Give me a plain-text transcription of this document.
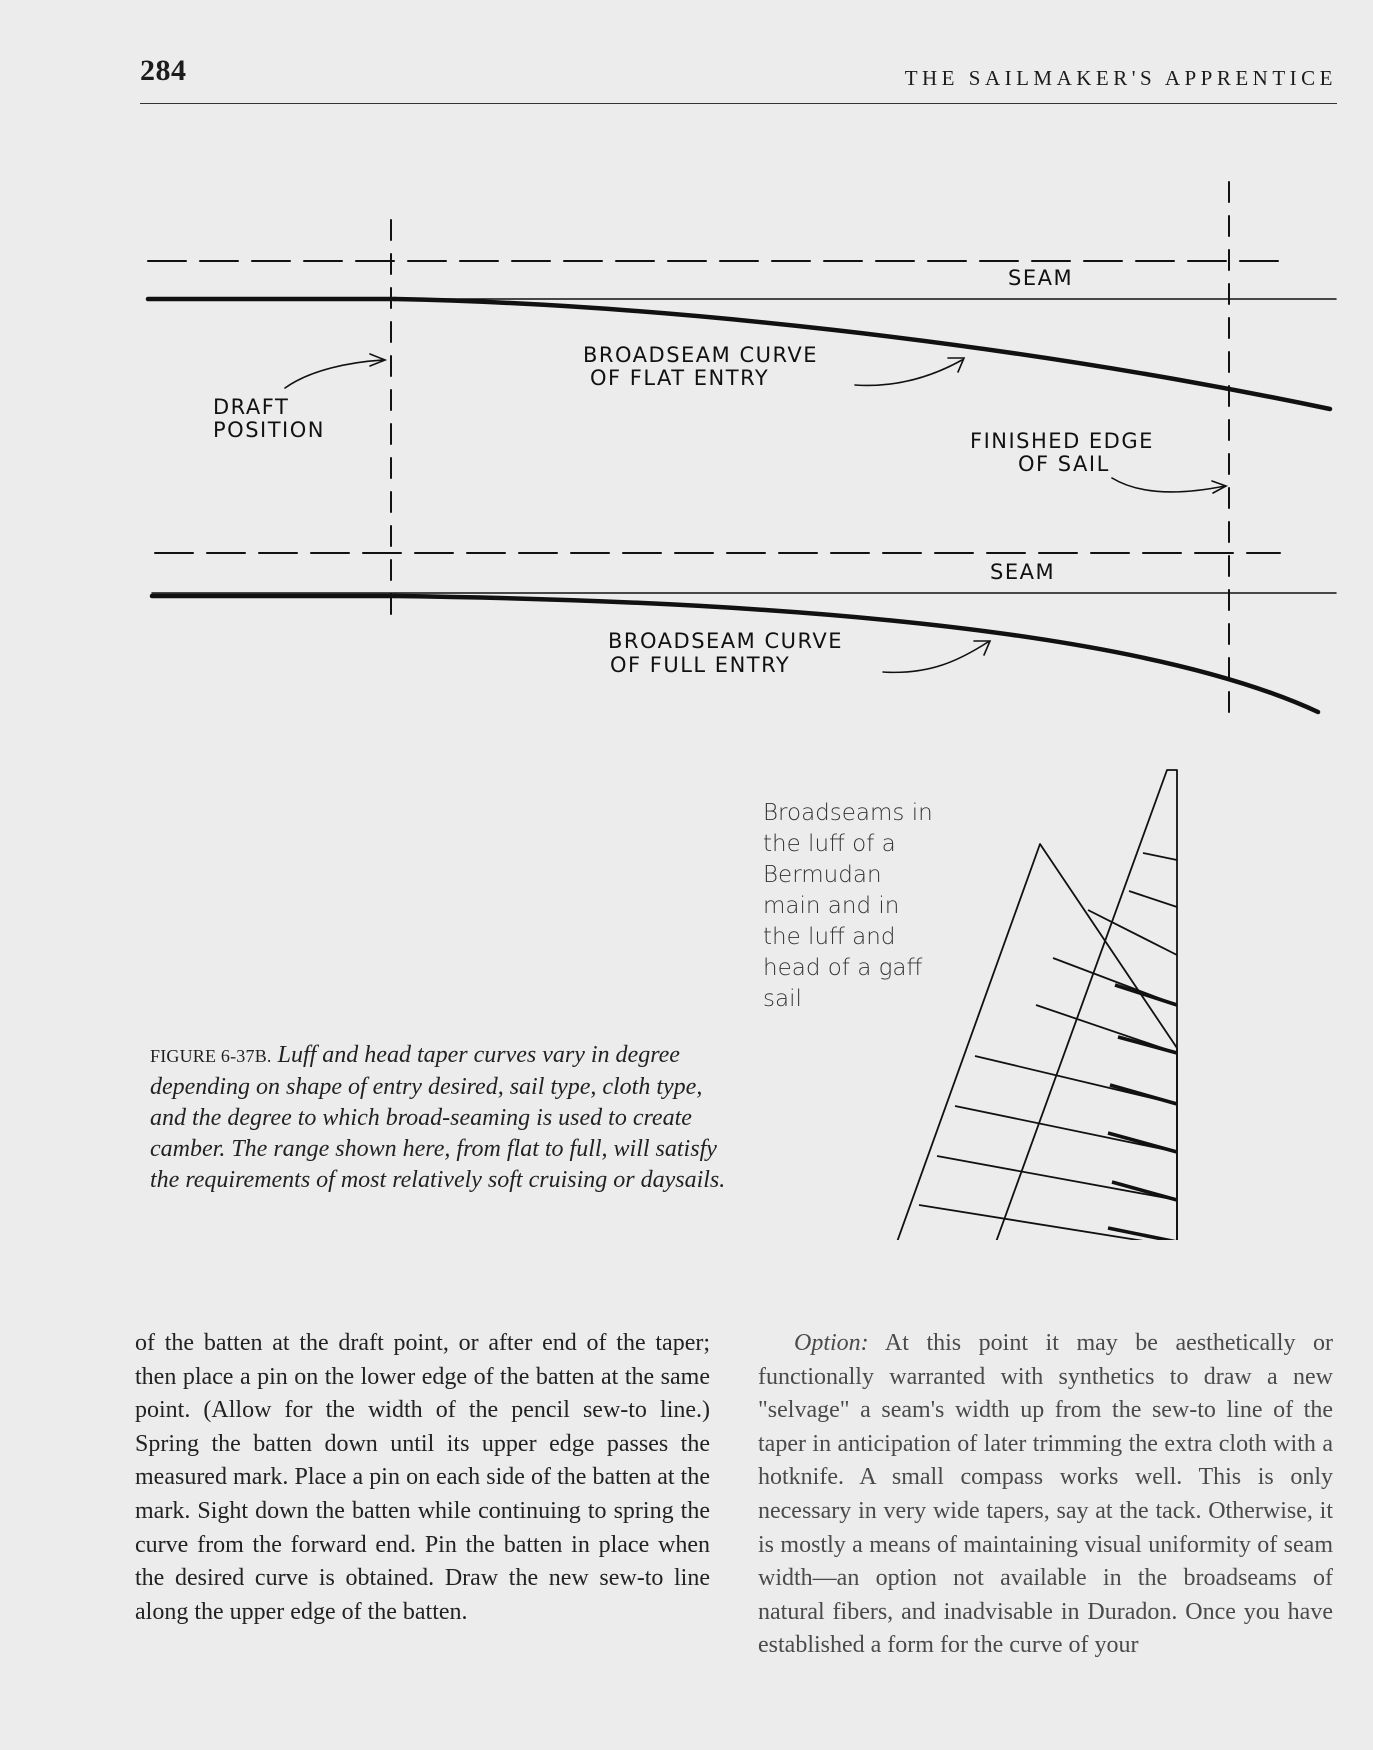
284	THE SAILMAKER'S APPRENTICE
SEAM
BROADSEAM CURVE
OF FLAT ENTRY
DRAFT
POSITION	FINISHED EDGE
OF SAIL
SEAM
BROADSEAM CURVE
OF FULL ENTRY
Broadseams in the luff of a Bermudan main and in the luff and head of a gaff sail
FIGURE 6-37B. Luff and head taper curves vary in degree depending on shape of entry desired, sail type, cloth type, and the degree to which broad-seaming is used to create camber. The range shown here, from flat to full, will satisfy the requirements of most relatively soft cruising or daysails.
of the batten at the draft point, or after end of the taper; then place a pin on the lower edge of the batten at the same point. (Allow for the width of the pencil sew-to line.) Spring the batten down until its upper edge passes the measured mark. Place a pin on each side of the batten at the mark. Sight down the batten while continuing to spring the curve from the forward end. Pin the batten in place when the desired curve is obtained. Draw the new sew-to line along the upper edge of the batten.
Option: At this point it may be aesthetically or functionally warranted with synthetics to draw a new "selvage" a seam's width up from the sew-to line of the taper in anticipation of later trimming the extra cloth with a hotknife. A small compass works well. This is only necessary in very wide tapers, say at the tack. Otherwise, it is mostly a means of maintaining visual uniformity of seam width—an option not available in the broadseams of natural fibers, and inadvisable in Duradon. Once you have established a form for the curve of your
